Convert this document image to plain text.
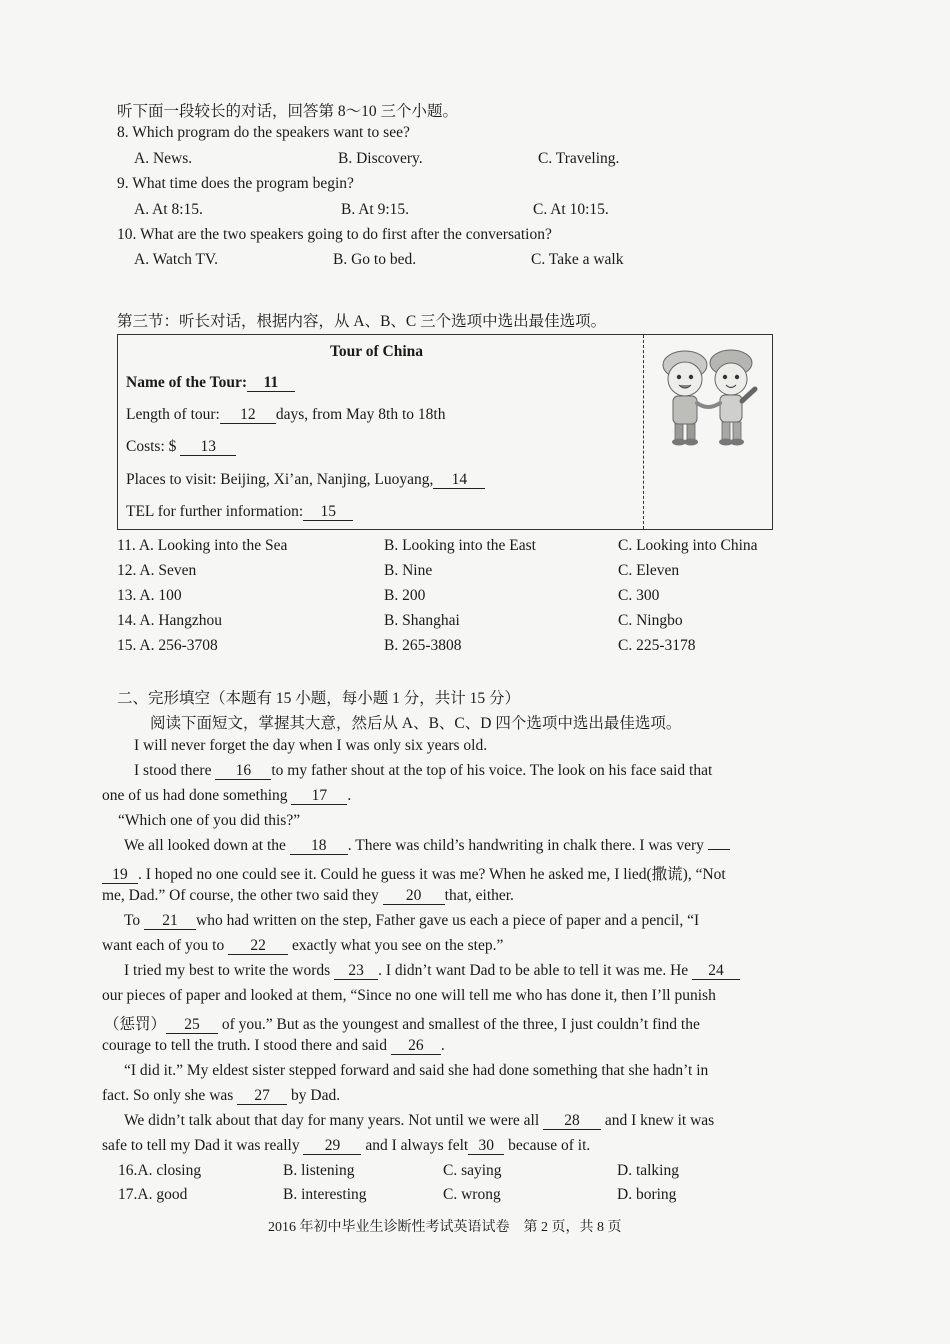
听下面一段较长的对话，回答第 8～10 三个小题。
8. Which program do the speakers want to see?
A. News.	B. Discovery.	C. Traveling.
9. What time does the program begin?
A. At 8:15.	B. At 9:15.	C. At 10:15.
10. What are the two speakers going to do first after the conversation?
A. Watch TV.	B. Go to bed.	C. Take a walk
第三节：听长对话，根据内容，从 A、B、C 三个选项中选出最佳选项。
Tour of China
Name of the Tour: 11
Length of tour: 12 days, from May 8th to 18th
Costs: $ 13
Places to visit: Beijing, Xi’an, Nanjing, Luoyang, 14
TEL for further information: 15
11. A. Looking into the Sea	B. Looking into the East	C. Looking into China
12. A. Seven	B. Nine	C. Eleven
13. A. 100	B. 200	C. 300
14. A. Hangzhou	B. Shanghai	C. Ningbo
15. A. 256-3708	B. 265-3808	C. 225-3178
二、完形填空（本题有 15 小题，每小题 1 分，共计 15 分）
阅读下面短文，掌握其大意，然后从 A、B、C、D 四个选项中选出最佳选项。
I will never forget the day when I was only six years old.
I stood there 16 to my father shout at the top of his voice. The look on his face said that
one of us had done something 17 .
“Which one of you did this?”
We all looked down at the 18 . There was child’s handwriting in chalk there. I was very
19 . I hoped no one could see it. Could he guess it was me? When he asked me, I lied(撒谎), “Not
me, Dad.” Of course, the other two said they 20 that, either.
To 21 who had written on the step, Father gave us each a piece of paper and a pencil, “I
want each of you to 22 exactly what you see on the step.”
I tried my best to write the words 23 . I didn’t want Dad to be able to tell it was me. He 24
our pieces of paper and looked at them, “Since no one will tell me who has done it, then I’ll punish
（惩罚） 25 of you.” But as the youngest and smallest of the three, I just couldn’t find the
courage to tell the truth. I stood there and said 26 .
“I did it.” My eldest sister stepped forward and said she had done something that she hadn’t in
fact. So only she was 27 by Dad.
We didn’t talk about that day for many years. Not until we were all 28 and I knew it was
safe to tell my Dad it was really 29 and I always felt 30 because of it.
16.A. closing	B. listening	C. saying	D. talking
17.A. good	B. interesting	C. wrong	D. boring
2016 年初中毕业生诊断性考试英语试卷　第 2 页，共 8 页
